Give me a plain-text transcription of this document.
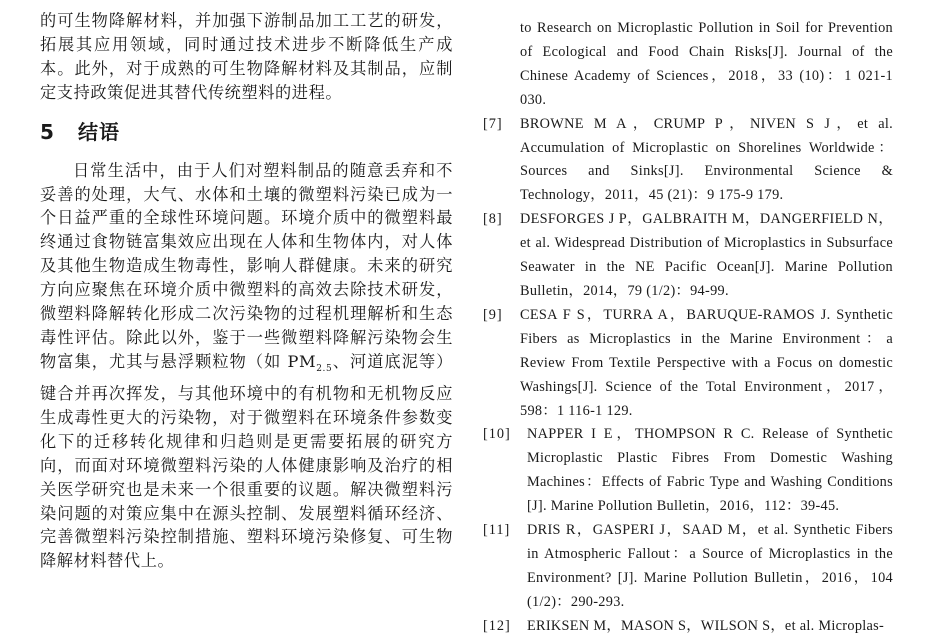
的可生物降解材料，并加强下游制品加工工艺的研发，拓展其应用领域，同时通过技术进步不断降低生产成本。此外，对于成熟的可生物降解材料及其制品，应制定支持政策促进其替代传统塑料的进程。

5 结语

日常生活中，由于人们对塑料制品的随意丢弃和不妥善的处理，大气、水体和土壤的微塑料污染已成为一个日益严重的全球性环境问题。环境介质中的微塑料最终通过食物链富集效应出现在人体和生物体内，对人体及其他生物造成生物毒性，影响人群健康。未来的研究方向应聚焦在环境介质中微塑料的高效去除技术研发，微塑料降解转化形成二次污染物的过程机理解析和生态毒性评估。除此以外，鉴于一些微塑料降解污染物会生物富集，尤其与悬浮颗粒物（如 $PM_{2.5}$、河道底泥等）键合并再次挥发，与其他环境中的有机物和无机物反应生成毒性更大的污染物，对于微塑料在环境条件参数变化下的迁移转化规律和归趋则是更需要拓展的研究方向，而面对环境微塑料污染的人体健康影响及治疗的相关医学研究也是未来一个很重要的议题。解决微塑料污染问题的对策应集中在源头控制、发展塑料循环经济、完善微塑料污染控制措施、塑料环境污染修复、可生物降解材料替代上。

to Research on Microplastic Pollution in Soil for Prevention of Ecological and Food Chain Risks[J]. Journal of the Chinese Academy of Sciences，2018，33 (10)：1 021-1 030.
[7]	BROWNE M A，CRUMP P，NIVEN S J，et al. Accumulation of Microplastic on Shorelines Worldwide：Sources and Sinks[J]. Environmental Science & Technology，2011，45 (21)：9 175-9 179.
[8]	DESFORGES J P，GALBRAITH M，DANGERFIELD N，et al. Widespread Distribution of Microplastics in Subsurface Seawater in the NE Pacific Ocean[J]. Marine Pollution Bulletin，2014，79 (1/2)：94-99.
[9]	CESA F S，TURRA A，BARUQUE-RAMOS J. Synthetic Fibers as Microplastics in the Marine Environment：a Review From Textile Perspective with a Focus on domestic Washings[J]. Science of the Total Environment，2017，598：1 116-1 129.
[10]	NAPPER I E，THOMPSON R C. Release of Synthetic Microplastic Plastic Fibres From Domestic Washing Machines：Effects of Fabric Type and Washing Conditions [J]. Marine Pollution Bulletin，2016，112：39-45.
[11]	DRIS R，GASPERI J，SAAD M，et al. Synthetic Fibers in Atmospheric Fallout：a Source of Microplastics in the Environment? [J]. Marine Pollution Bulletin，2016，104 (1/2)：290-293.
[12]	ERIKSEN M，MASON S，WILSON S，et al. Microplas-
